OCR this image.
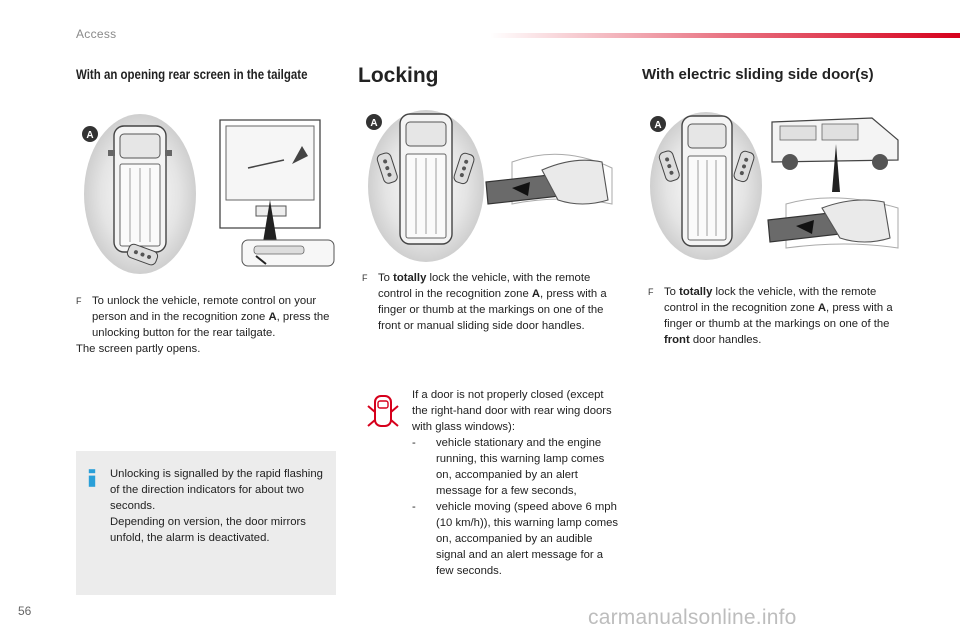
Access
With an opening rear screen in the tailgate
A
F To unlock the vehicle, remote control on your person and in the recognition zone A, press the unlocking button for the rear tailgate.

The screen partly opens.

Unlocking is signalled by the rapid flashing of the direction indicators for about two seconds.

Depending on version, the door mirrors unfold, the alarm is deactivated.

Locking
A
F To totally lock the vehicle, with the remote control in the recognition zone A, press with a finger or thumb at the markings on one of the front or manual sliding side door handles.

If a door is not properly closed (except the right-hand door with rear wing doors with glass windows):

-	vehicle stationary and the engine running, this warning lamp comes on, accompanied by an alert message for a few seconds,
-	vehicle moving (speed above 6 mph (10 km/h)), this warning lamp comes on, accompanied by an audible signal and an alert message for a few seconds.
With electric sliding side door(s)
A
F To totally lock the vehicle, with the remote control in the recognition zone A, press with a finger or thumb at the markings on one of the front door handles.
56	carmanualsonline.info
